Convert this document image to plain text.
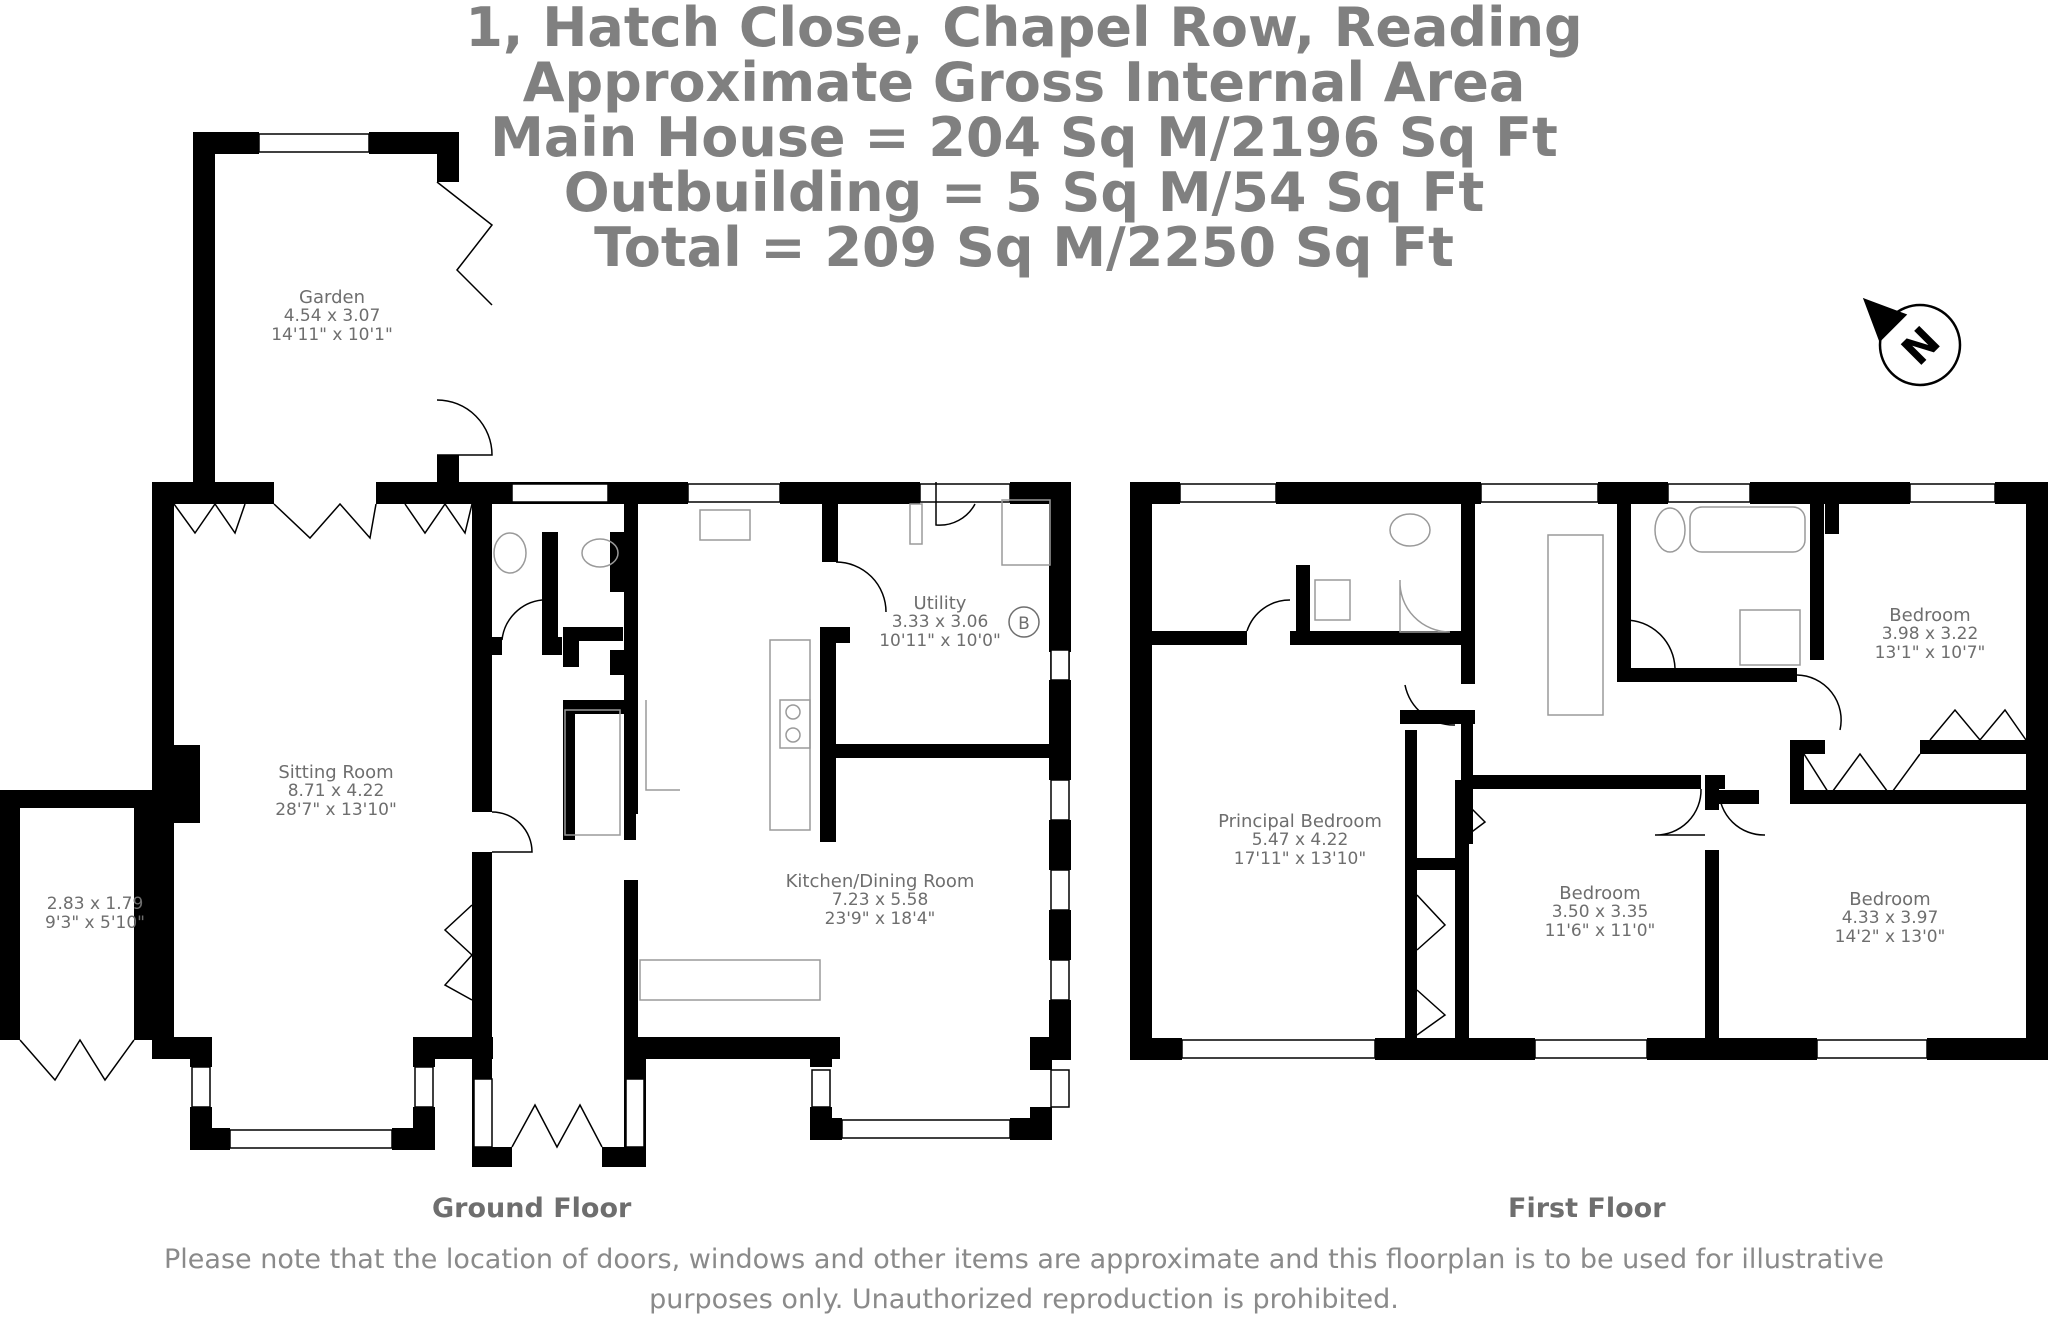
1, Hatch Close, Chapel Row, Reading
Approximate Gross Internal Area
Main House = 204 Sq M/2196 Sq Ft
Outbuilding = 5 Sq M/54 Sq Ft
Total = 209 Sq M/2250 Sq Ft
N
B
Garden
4.54 x 3.07
14'11" x 10'1"
Sitting Room
8.71 x 4.22
28'7" x 13'10"
2.83 x 1.79
9'3" x 5'10"
Utility
3.33 x 3.06
10'11" x 10'0"
Kitchen/Dining Room
7.23 x 5.58
23'9" x 18'4"
Principal Bedroom
5.47 x 4.22
17'11" x 13'10"
Bedroom
3.50 x 3.35
11'6" x 11'0"
Bedroom
4.33 x 3.97
14'2" x 13'0"
Bedroom
3.98 x 3.22
13'1" x 10'7"
Ground Floor	First Floor
Please note that the location of doors, windows and other items are approximate and this floorplan is to be used for illustrative
purposes only. Unauthorized reproduction is prohibited.
